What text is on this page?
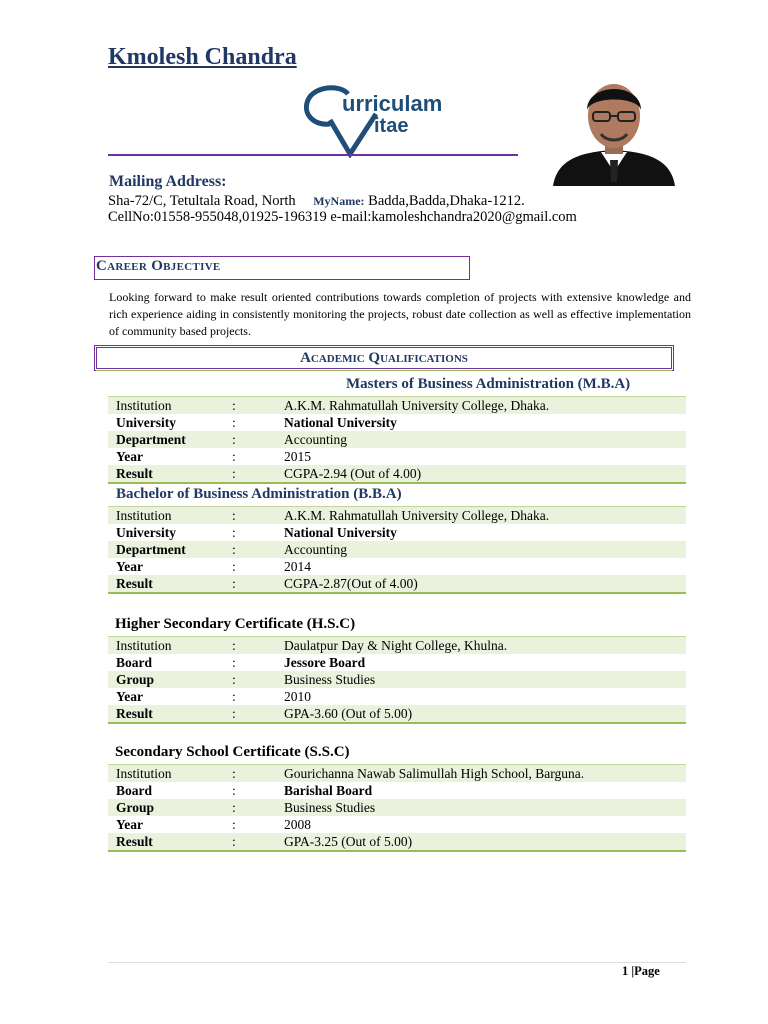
Kmolesh Chandra
urriculam
itae
Mailing Address:
Sha-72/C, Tetultala Road, North MyName: Badda,Badda,Dhaka-1212.
CellNo:01558-955048,01925-196319 e-mail:kamoleshchandra2020@gmail.com
Career Objective
Looking forward to make result oriented contributions towards completion of projects with extensive knowledge and rich experience aiding in consistently monitoring the projects, robust date collection as well as effective implementation of community based projects.
Academic Qualifications
Masters of Business Administration (M.B.A)
Institution	:	A.K.M. Rahmatullah University College, Dhaka.
University	:	National University
Department	:	Accounting
Year	:	2015
Result	:	CGPA-2.94 (Out of 4.00)
Bachelor of Business Administration (B.B.A)
Institution	:	A.K.M. Rahmatullah University College, Dhaka.
University	:	National University
Department	:	Accounting
Year	:	2014
Result	:	CGPA-2.87(Out of 4.00)
Higher Secondary Certificate (H.S.C)
Institution	:	Daulatpur Day & Night College, Khulna.
Board	:	Jessore Board
Group	:	Business Studies
Year	:	2010
Result	:	GPA-3.60 (Out of 5.00)
Secondary School Certificate (S.S.C)
Institution	:	Gourichanna Nawab Salimullah High School, Barguna.
Board	:	Barishal Board
Group	:	Business Studies
Year	:	2008
Result	:	GPA-3.25 (Out of 5.00)
1 |Page
